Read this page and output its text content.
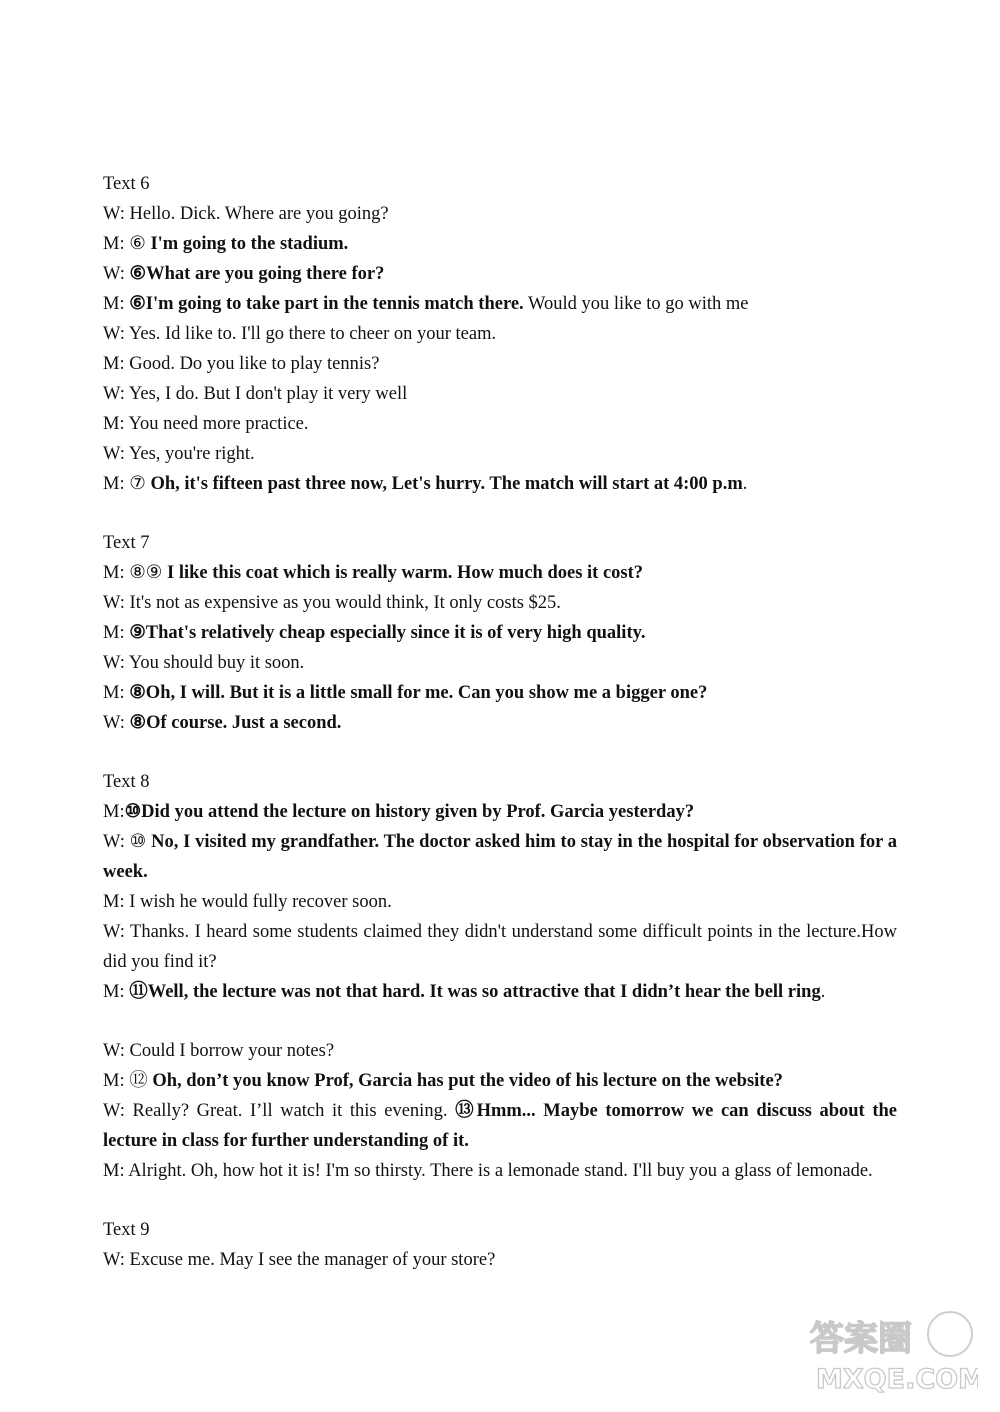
Text 6
W: Hello. Dick. Where are you going?
M: ⑥ I'm going to the stadium.
W: ⑥What are you going there for?
M: ⑥I'm going to take part in the tennis match there. Would you like to go with me
W: Yes. Id like to. I'll go there to cheer on your team.
M: Good. Do you like to play tennis?
W: Yes, I do. But I don't play it very well
M: You need more practice.
W: Yes, you're right.
M: ⑦ Oh, it's fifteen past three now, Let's hurry. The match will start at 4:00 p.m.
Text 7
M: ⑧⑨ I like this coat which is really warm. How much does it cost?
W: It's not as expensive as you would think, It only costs $25.
M: ⑨That's relatively cheap especially since it is of very high quality.
W: You should buy it soon.
M: ⑧Oh, I will. But it is a little small for me. Can you show me a bigger one?
W: ⑧Of course. Just a second.
Text 8
M:⑩Did you attend the lecture on history given by Prof. Garcia yesterday?
W: ⑩ No, I visited my grandfather. The doctor asked him to stay in the hospital for observation for a week.
M: I wish he would fully recover soon.
W: Thanks. I heard some students claimed they didn't understand some difficult points in the lecture.How did you find it?
M: ⑪Well, the lecture was not that hard. It was so attractive that I didn’t hear the bell ring.
W: Could I borrow your notes?
M: ⑫ Oh, don’t you know Prof, Garcia has put the video of his lecture on the website?
W: Really? Great. I’ll watch it this evening. ⑬Hmm... Maybe tomorrow we can discuss about the lecture in class for further understanding of it.
M: Alright. Oh, how hot it is! I'm so thirsty. There is a lemonade stand. I'll buy you a glass of lemonade.
Text 9
W: Excuse me. May I see the manager of your store?
答案圈
MXQE.COM
